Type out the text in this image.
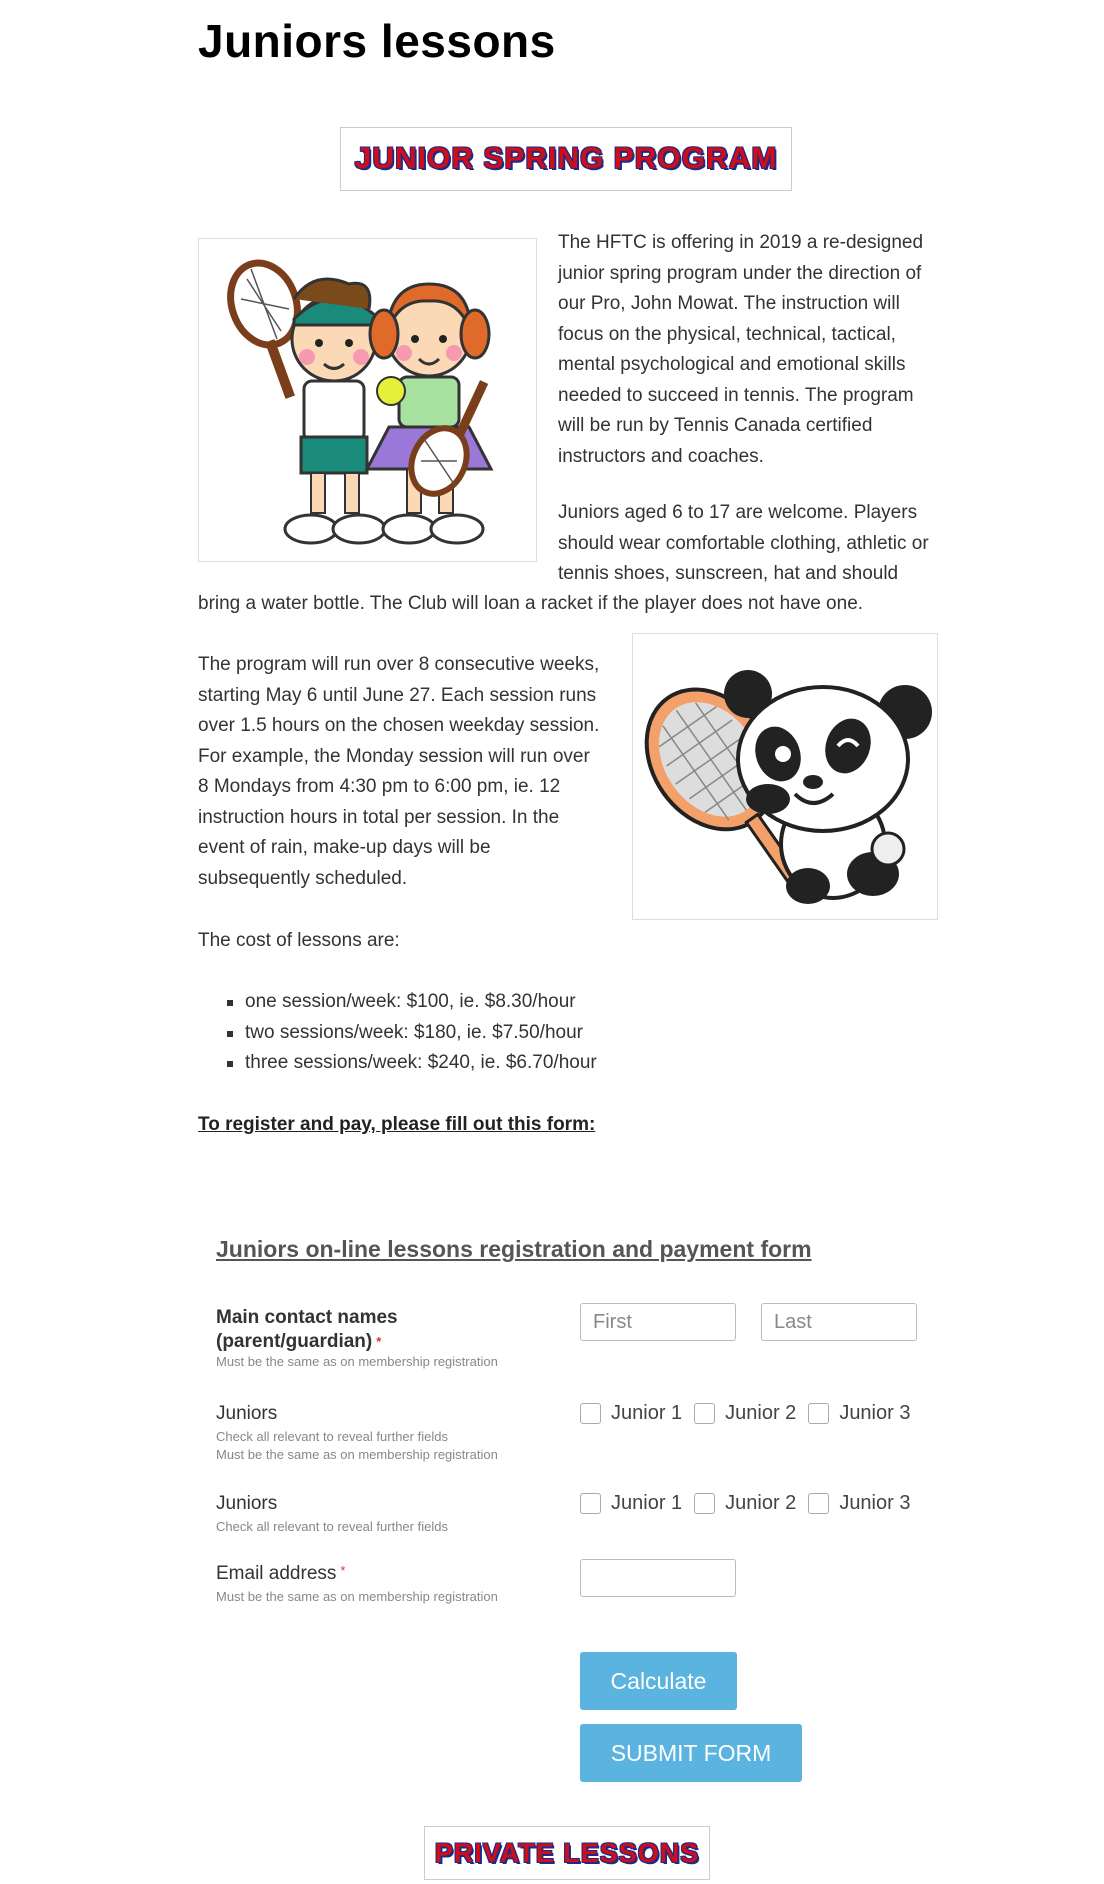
Juniors lessons
JUNIOR SPRING PROGRAM

The HFTC is offering in 2019 a re-designed
junior spring program under the direction of
our Pro, John Mowat. The instruction will
focus on the physical, technical, tactical,
mental psychological and emotional skills
needed to succeed in tennis. The program
will be run by Tennis Canada certified
instructors and coaches.

Juniors aged 6 to 17 are welcome. Players
should wear comfortable clothing, athletic or
tennis shoes, sunscreen, hat and should

bring a water bottle. The Club will loan a racket if the player does not have one.

The program will run over 8 consecutive weeks,
starting May 6 until June 27. Each session runs
over 1.5 hours on the chosen weekday session.
For example, the Monday session will run over
8 Mondays from 4:30 pm to 6:00 pm, ie. 12
instruction hours in total per session. In the
event of rain, make-up days will be
subsequently scheduled.

The cost of lessons are:

one session/week: $100, ie. $8.30/hour
two sessions/week: $180, ie. $7.50/hour
three sessions/week: $240, ie. $6.70/hour
To register and pay, please fill out this form:
Juniors on-line lessons registration and payment form
Main contact names
(parent/guardian) *
Must be the same as on membership registration
First
Last
Juniors
Check all relevant to reveal further fields
Must be the same as on membership registration
Junior 1 Junior 2 Junior 3
Juniors
Check all relevant to reveal further fields
Junior 1 Junior 2 Junior 3
Email address *
Must be the same as on membership registration
Calculate
SUBMIT FORM
PRIVATE LESSONS
